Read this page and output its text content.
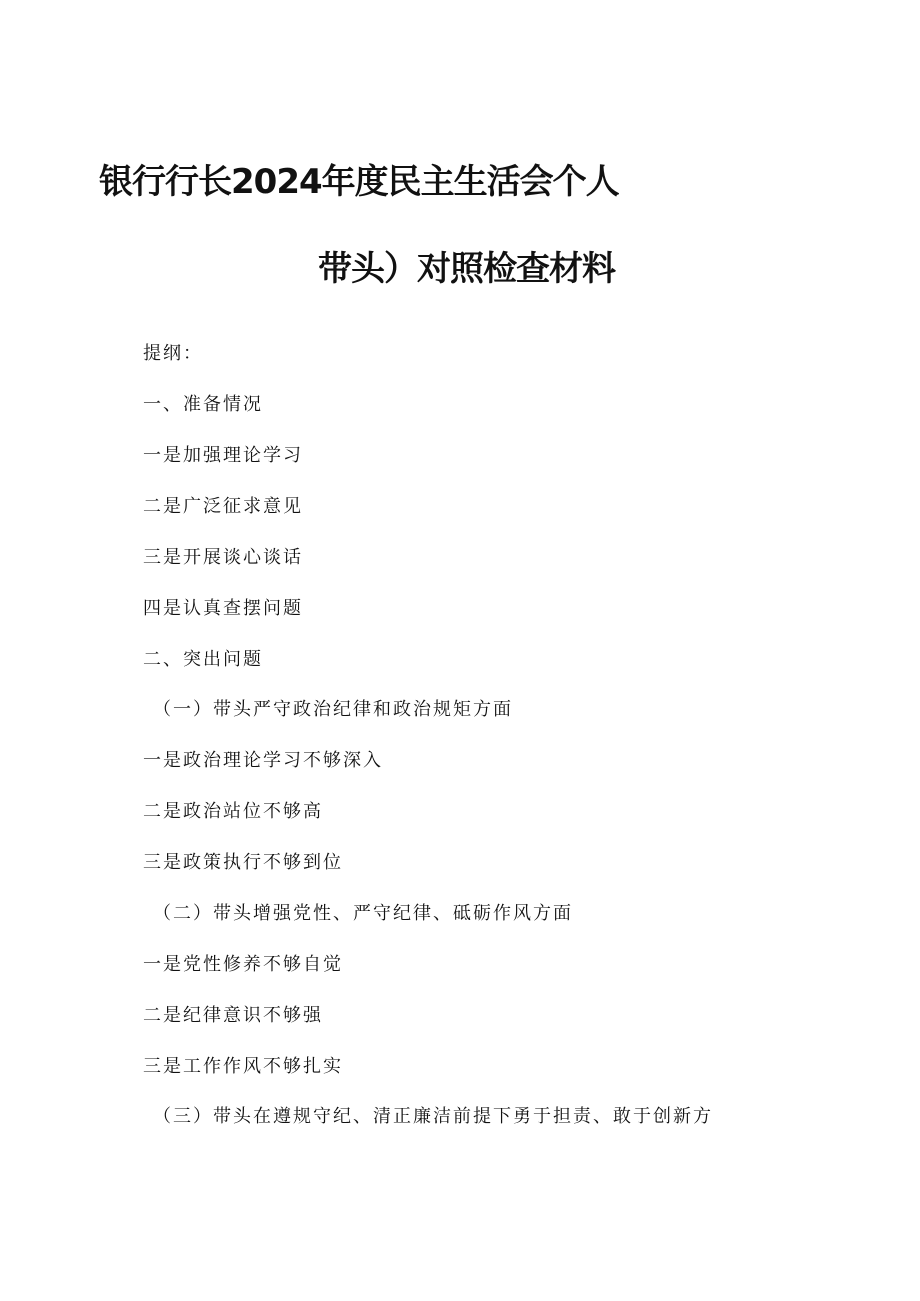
银行行长2024年度民主生活会个人
带头）对照检查材料

提纲：

一、准备情况

一是加强理论学习

二是广泛征求意见

三是开展谈心谈话

四是认真查摆问题

二、突出问题

（一）带头严守政治纪律和政治规矩方面

一是政治理论学习不够深入

二是政治站位不够高

三是政策执行不够到位

（二）带头增强党性、严守纪律、砥砺作风方面

一是党性修养不够自觉

二是纪律意识不够强

三是工作作风不够扎实

（三）带头在遵规守纪、清正廉洁前提下勇于担责、敢于创新方
